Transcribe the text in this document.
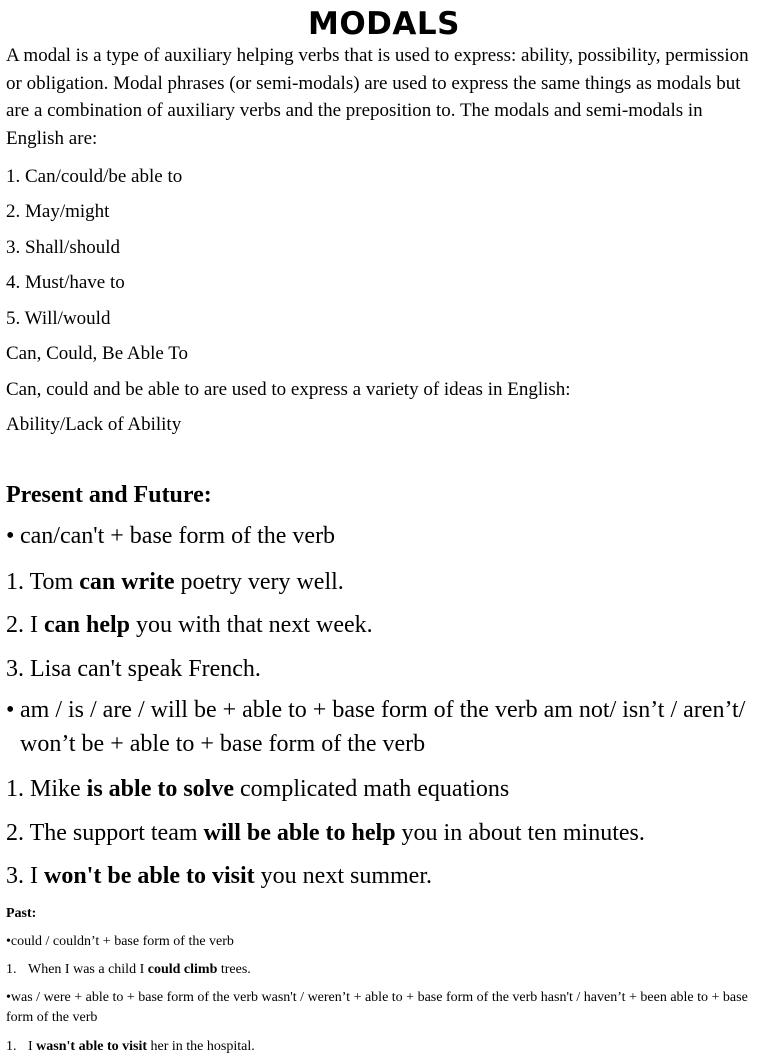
MODALS

A modal is a type of auxiliary helping verbs that is used to express: ability, possibility, permission or obligation. Modal phrases (or semi-modals) are used to express the same things as modals but are a combination of auxiliary verbs and the preposition to. The modals and semi-modals in English are:

1. Can/could/be able to

2. May/might

3. Shall/should

4. Must/have to

5. Will/would

Can, Could, Be Able To

Can, could and be able to are used to express a variety of ideas in English:

Ability/Lack of Ability

Present and Future:

• can/can't + base form of the verb

1. Tom can write poetry very well.

2. I can help you with that next week.

3. Lisa can't speak French.

• am / is / are / will be + able to + base form of the verb am not/ isn’t / aren’t/ won’t be + able to + base form of the verb

1. Mike is able to solve complicated math equations

2. The support team will be able to help you in about ten minutes.

3. I won't be able to visit you next summer.

Past:

•could / couldn’t + base form of the verb

1. When I was a child I could climb trees.

•was / were + able to + base form of the verb wasn't / weren’t + able to + base form of the verb hasn't / haven’t + been able to + base form of the verb

1. I wasn't able to visit her in the hospital.
